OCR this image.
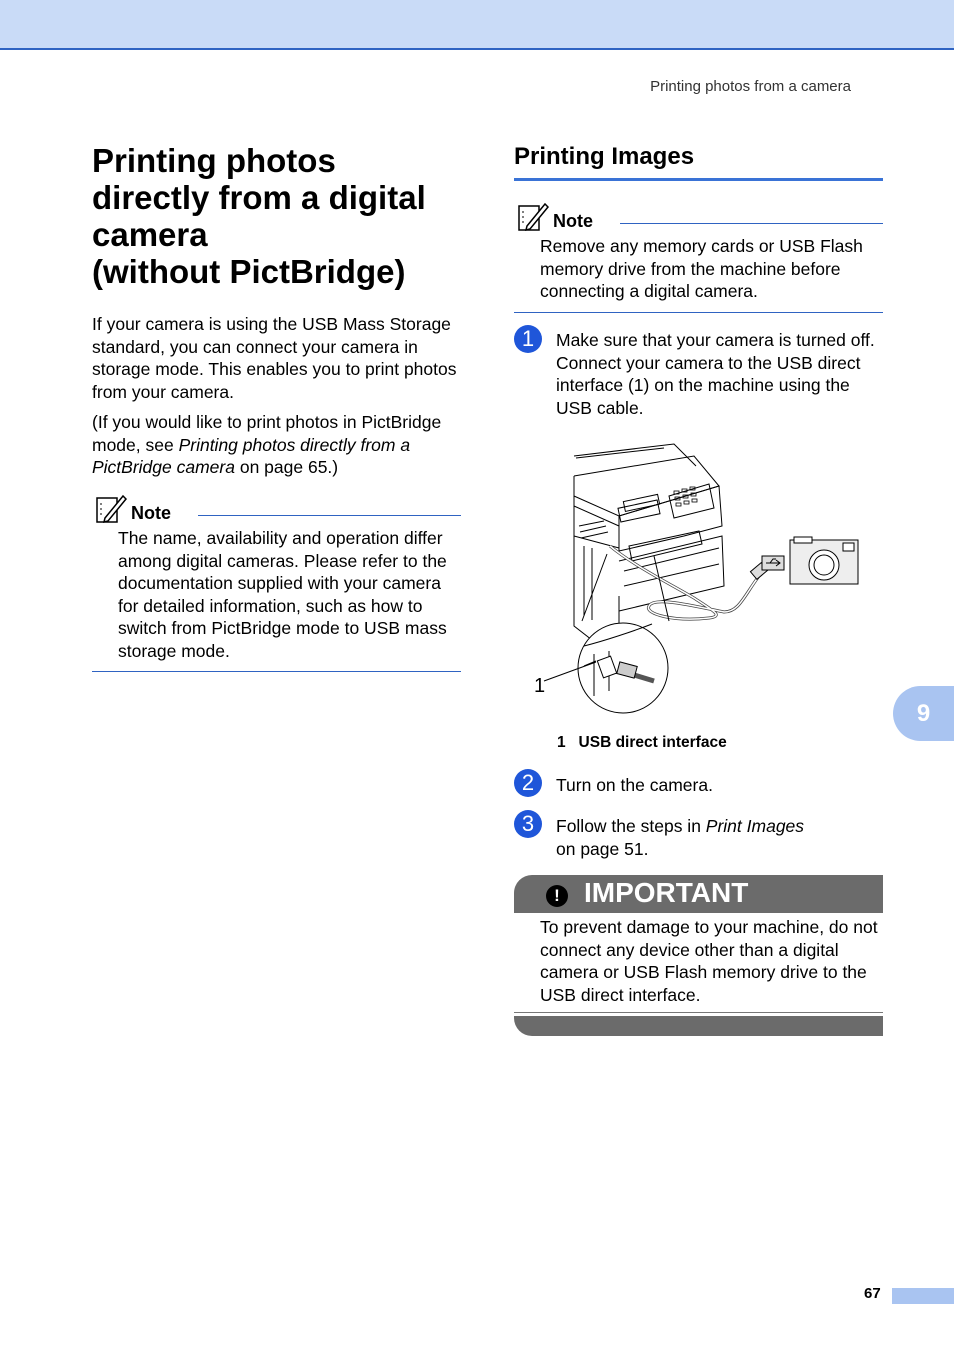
Printing photos from a camera
Printing photos
directly from a digital
camera
(without PictBridge)
If your camera is using the USB Mass Storage standard, you can connect your camera in storage mode. This enables you to print photos from your camera.
(If you would like to print photos in PictBridge mode, see Printing photos directly from a PictBridge camera on page 65.)
Note
The name, availability and operation differ among digital cameras. Please refer to the documentation supplied with your camera for detailed information, such as how to switch from PictBridge mode to USB mass storage mode.
Printing Images
Note
Remove any memory cards or USB Flash memory drive from the machine before connecting a digital camera.
1	Make sure that your camera is turned off. Connect your camera to the USB direct interface (1) on the machine using the USB cable.
1
1 USB direct interface
2	Turn on the camera.
3	Follow the steps in Print Images
on page 51.
! IMPORTANT
To prevent damage to your machine, do not connect any device other than a digital camera or USB Flash memory drive to the USB direct interface.
9
67
